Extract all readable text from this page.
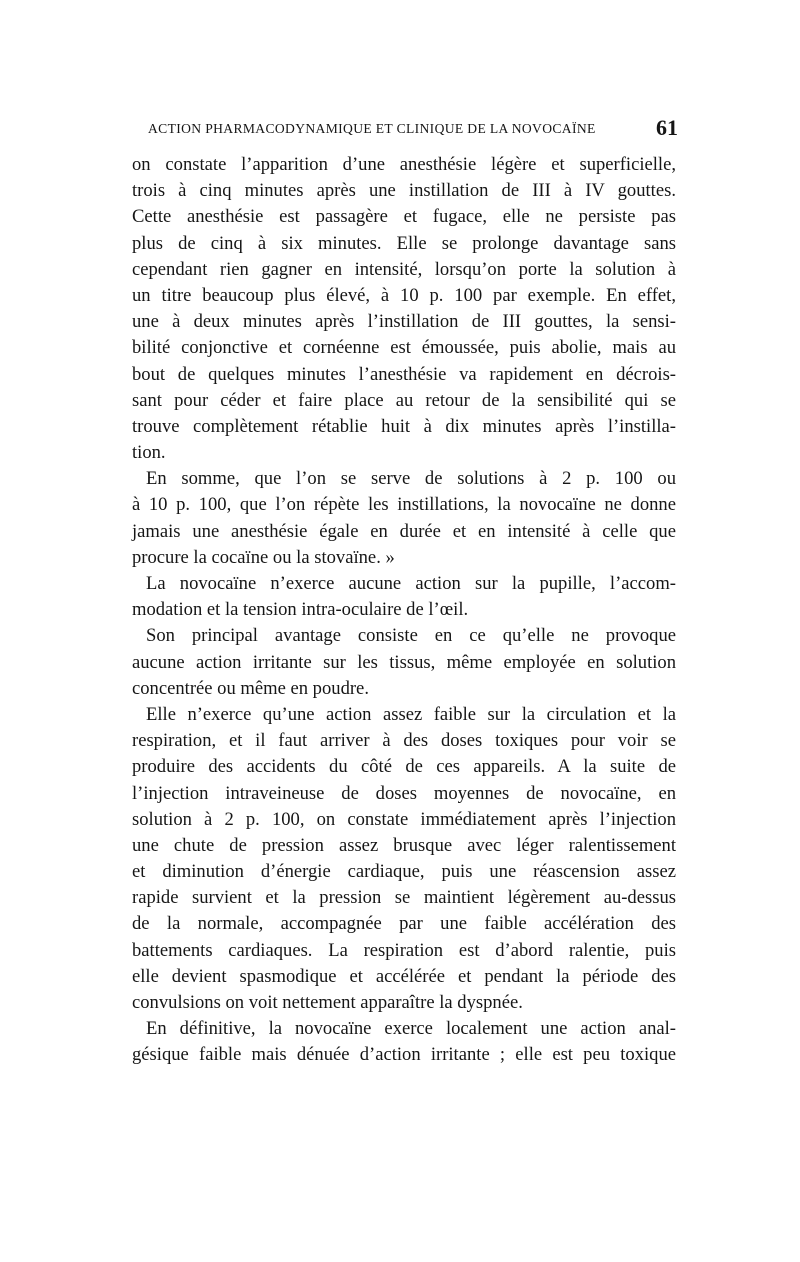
ACTION PHARMACODYNAMIQUE ET CLINIQUE DE LA NOVOCAÏNE	61
on constate l’apparition d’une anesthésie légère et superficielle,
trois à cinq minutes après une instillation de III à IV gouttes.
Cette anesthésie est passagère et fugace, elle ne persiste pas
plus de cinq à six minutes. Elle se prolonge davantage sans
cependant rien gagner en intensité, lorsqu’on porte la solution à
un titre beaucoup plus élevé, à 10 p. 100 par exemple. En effet,
une à deux minutes après l’instillation de III gouttes, la sensi-
bilité conjonctive et cornéenne est émoussée, puis abolie, mais au
bout de quelques minutes l’anesthésie va rapidement en décrois-
sant pour céder et faire place au retour de la sensibilité qui se
trouve complètement rétablie huit à dix minutes après l’instilla-
tion.
En somme, que l’on se serve de solutions à 2 p. 100 ou
à 10 p. 100, que l’on répète les instillations, la novocaïne ne donne
jamais une anesthésie égale en durée et en intensité à celle que
procure la cocaïne ou la stovaïne. »
La novocaïne n’exerce aucune action sur la pupille, l’accom-
modation et la tension intra-oculaire de l’œil.
Son principal avantage consiste en ce qu’elle ne provoque
aucune action irritante sur les tissus, même employée en solution
concentrée ou même en poudre.
Elle n’exerce qu’une action assez faible sur la circulation et la
respiration, et il faut arriver à des doses toxiques pour voir se
produire des accidents du côté de ces appareils. A la suite de
l’injection intraveineuse de doses moyennes de novocaïne, en
solution à 2 p. 100, on constate immédiatement après l’injection
une chute de pression assez brusque avec léger ralentissement
et diminution d’énergie cardiaque, puis une réascension assez
rapide survient et la pression se maintient légèrement au-dessus
de la normale, accompagnée par une faible accélération des
battements cardiaques. La respiration est d’abord ralentie, puis
elle devient spasmodique et accélérée et pendant la période des
convulsions on voit nettement apparaître la dyspnée.
En définitive, la novocaïne exerce localement une action anal-
gésique faible mais dénuée d’action irritante ; elle est peu toxique
